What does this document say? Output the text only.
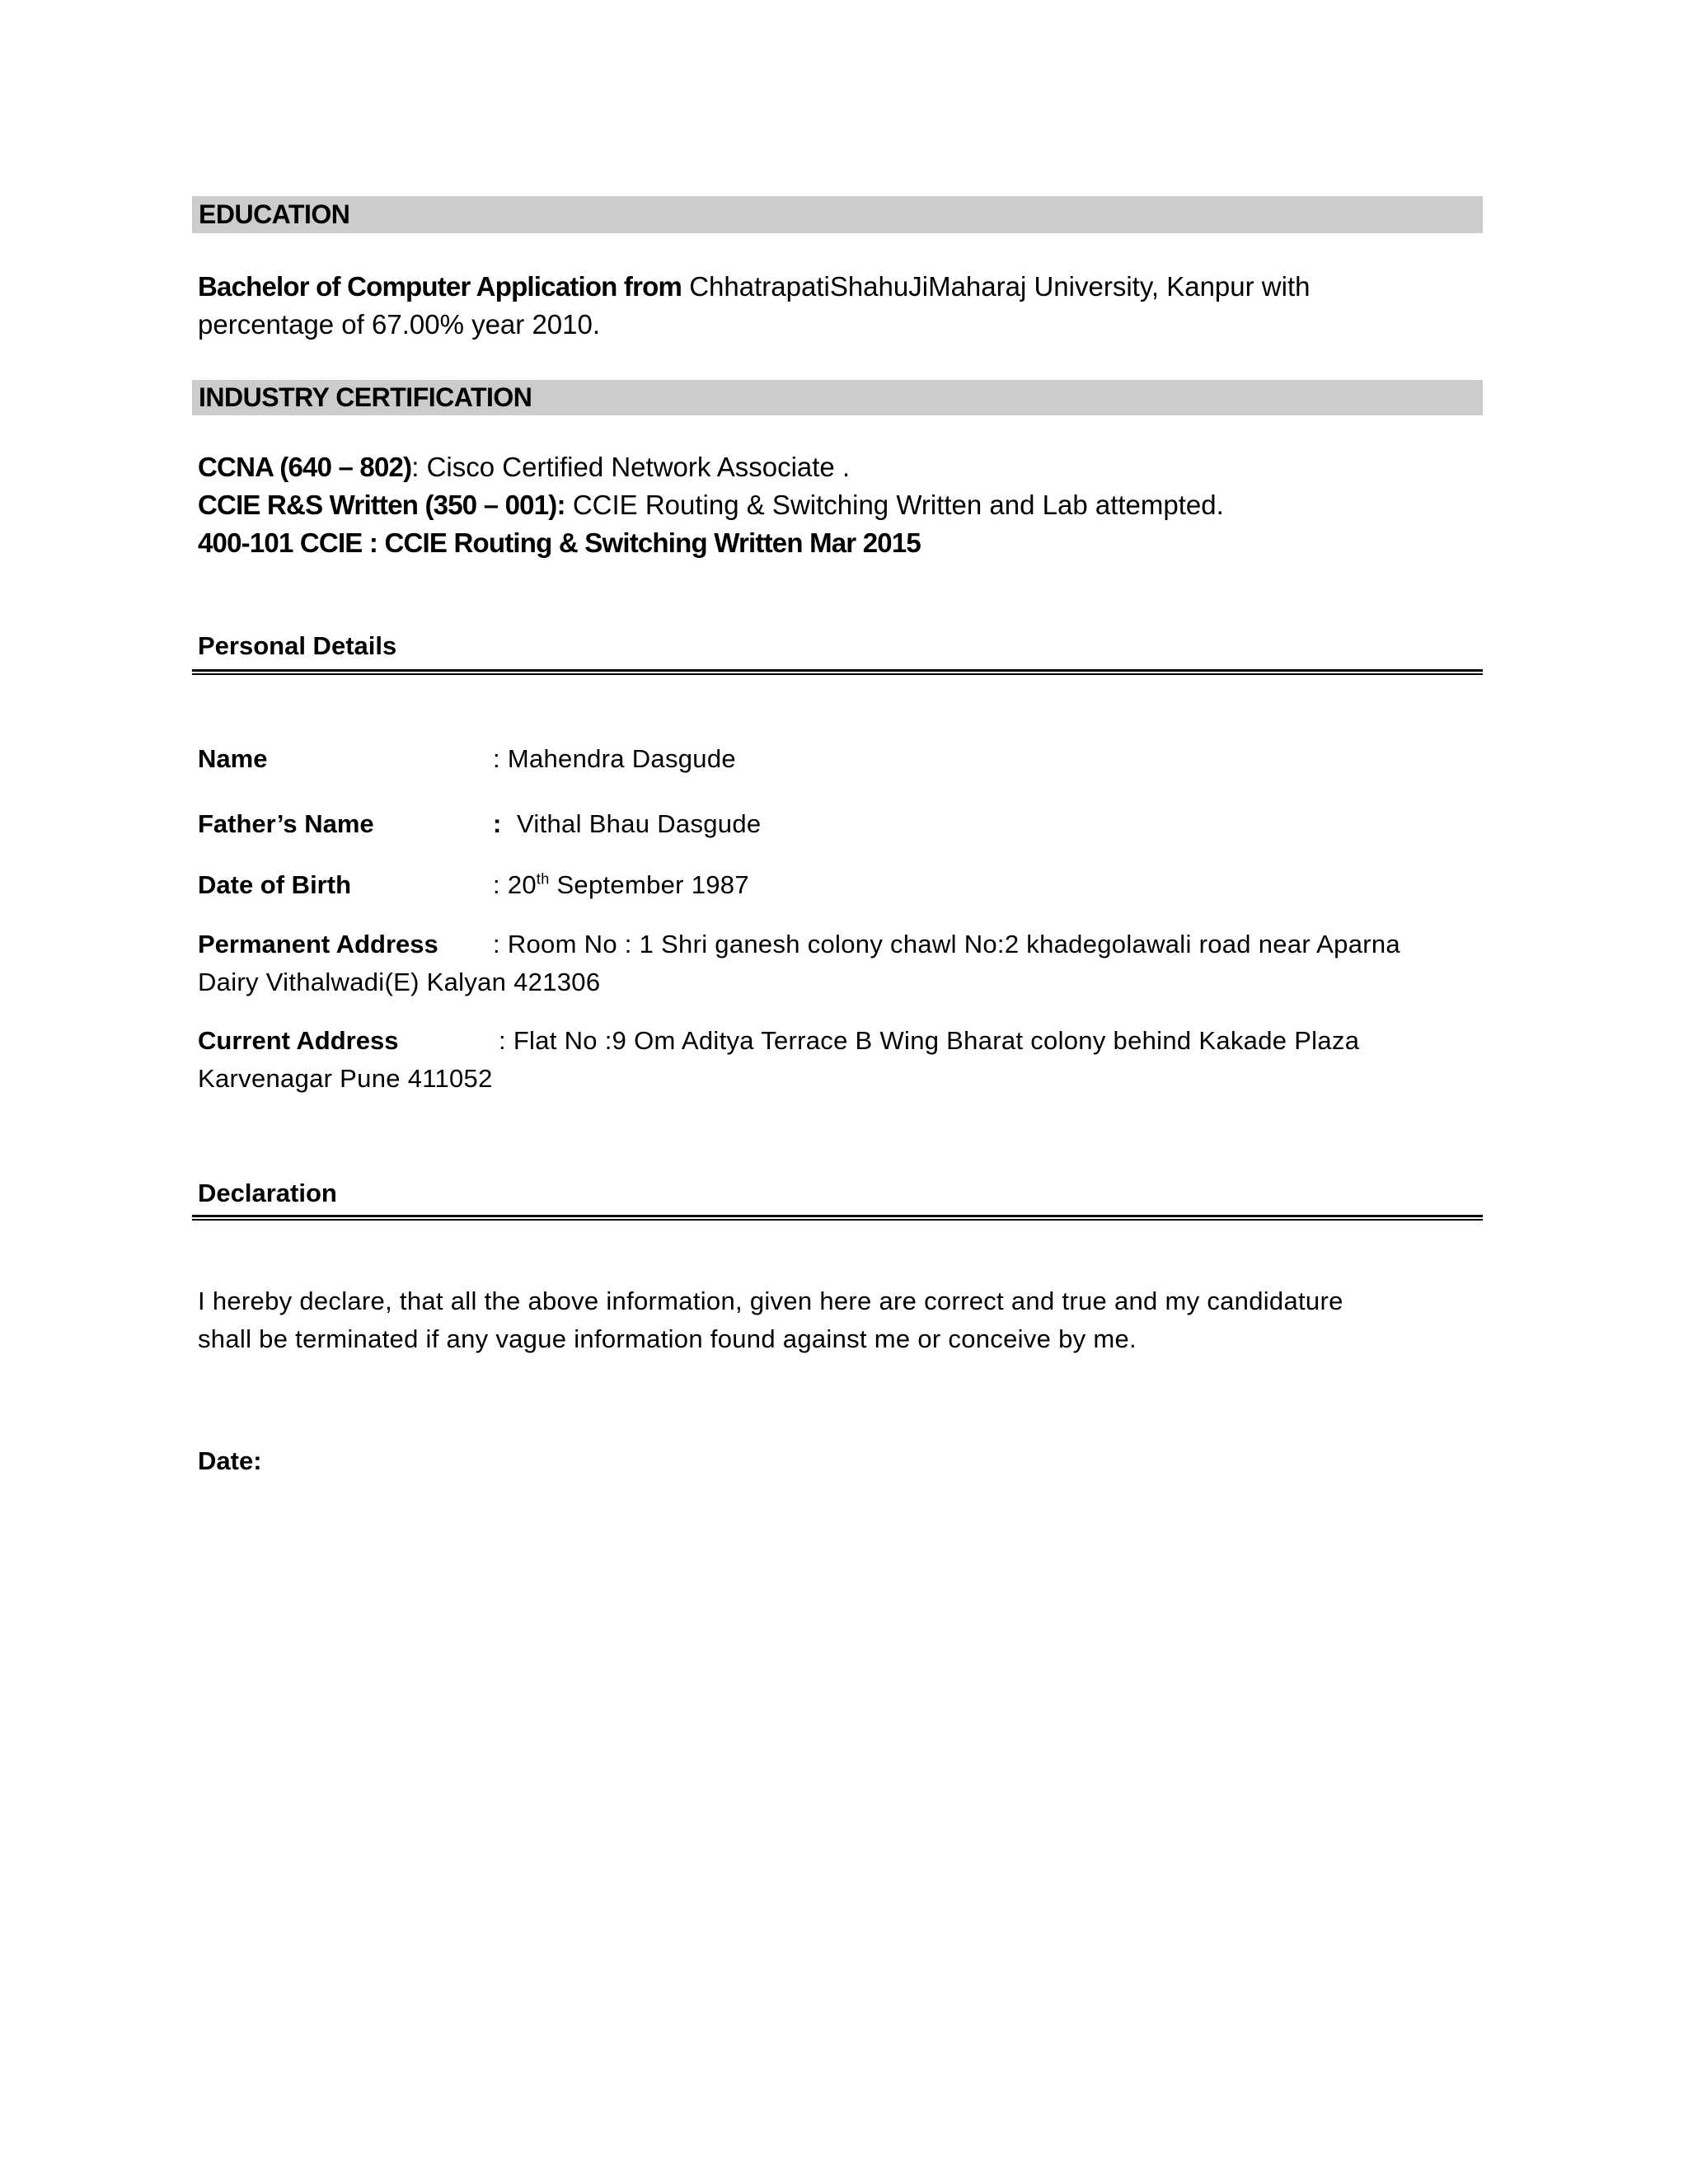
EDUCATION
Bachelor of Computer Application from ChhatrapatiShahuJiMaharaj University, Kanpur with
percentage of 67.00% year 2010.
INDUSTRY CERTIFICATION
CCNA (640 – 802): Cisco Certified Network Associate .
CCIE R&S Written (350 – 001): CCIE Routing & Switching Written and Lab attempted.
400-101 CCIE : CCIE Routing & Switching Written Mar 2015
Personal Details
Name	: Mahendra Dasgude
Father’s Name	: Vithal Bhau Dasgude
Date of Birth	: 20th September 1987
Permanent Address : Room No : 1 Shri ganesh colony chawl No:2 khadegolawali road near Aparna
Dairy Vithalwadi(E) Kalyan 421306
Current Address	: Flat No :9 Om Aditya Terrace B Wing Bharat colony behind Kakade Plaza
Karvenagar Pune 411052
Declaration
I hereby declare, that all the above information, given here are correct and true and my candidature
shall be terminated if any vague information found against me or conceive by me.
Date:
